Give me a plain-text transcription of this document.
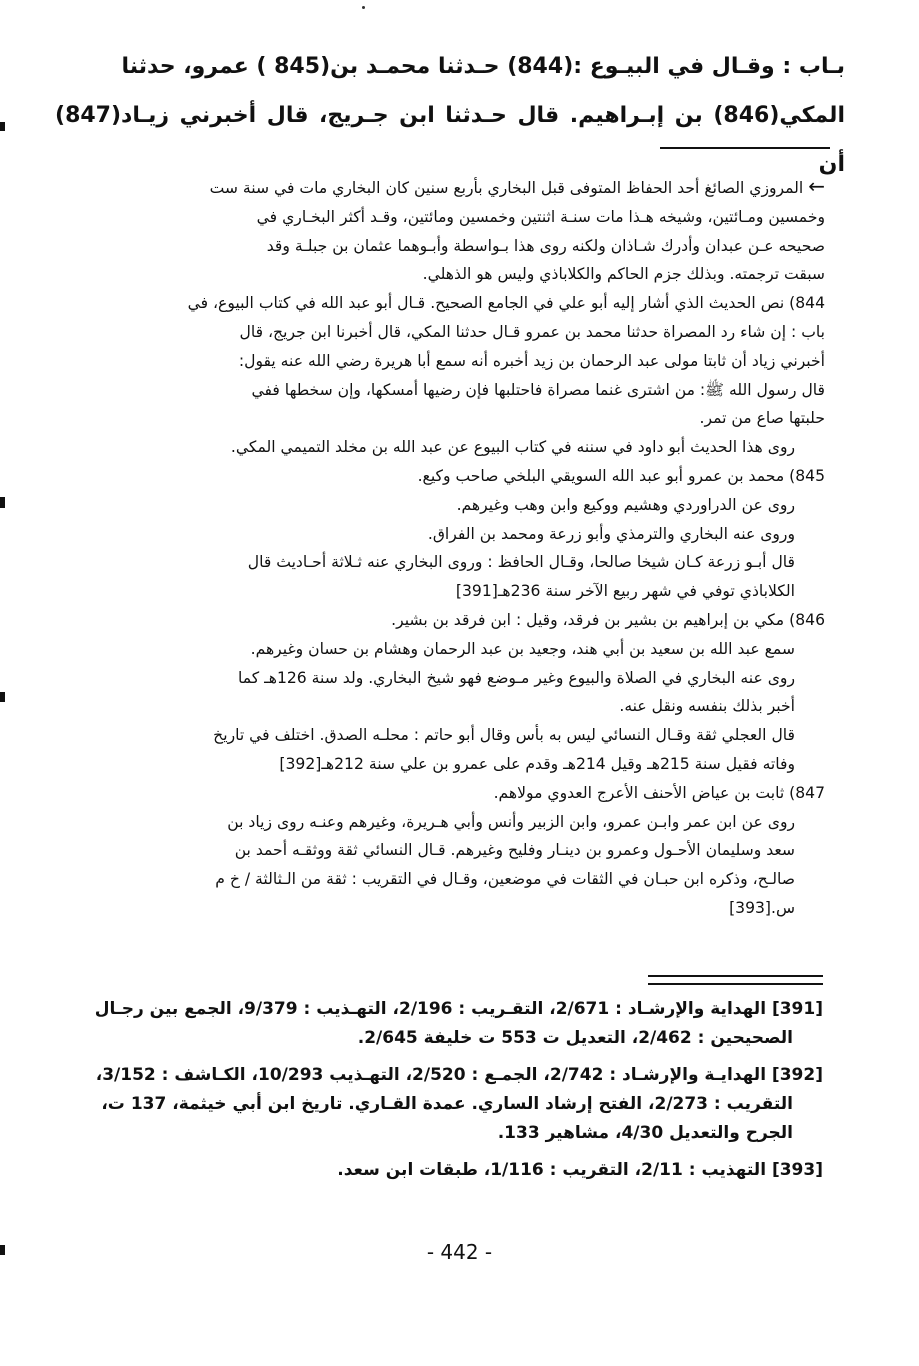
بـاب : وقـال في البيـوع :(844) حـدثنا محمـد بن(845 ) عمرو، حدثنا
المكي(846) بن إبـراهيم. قال حـدثنا ابن جـريج، قال أخبرني زيـاد(847) أن

← المروزي الصائغ أحد الحفاظ المتوفى قبل البخاري بأربع سنين كان البخاري مات في سنة ست

وخمسين ومـائتين، وشيخه هـذا مات سنـة اثنتين وخمسين ومائتين، وقـد أكثر البخـاري في

صحيحه عـن عبدان وأدرك شـاذان ولكنه روى هذا بـواسطة وأبـوهما عثمان بن جبلـة وقد

سبقت ترجمته. وبذلك جزم الحاكم والكلاباذي وليس هو الذهلي.

844) نص الحديث الذي أشار إليه أبو علي في الجامع الصحيح. قـال أبو عبد الله في كتاب البيوع، في

باب : إن شاء رد المصراة حدثنا محمد بن عمرو قـال حدثنا المكي، قال أخبرنا ابن جريج، قال

أخبرني زياد أن ثابتا مولى عبد الرحمان بن زيد أخبره أنه سمع أبا هريرة رضي الله عنه يقول:

قال رسول الله ﷺ: من اشترى غنما مصراة فاحتلبها فإن رضيها أمسكها، وإن سخطها ففي

حلبتها صاع من تمر.

روى هذا الحديث أبو داود في سننه في كتاب البيوع عن عبد الله بن مخلد التميمي المكي.

845) محمد بن عمرو أبو عبد الله السويقي البلخي صاحب وكيع.

روى عن الدراوردي وهشيم ووكيع وابن وهب وغيرهم.

وروى عنه البخاري والترمذي وأبو زرعة ومحمد بن الفراق.

قال أبـو زرعة كـان شيخا صالحا، وقـال الحافظ : وروى البخاري عنه ثـلاثة أحـاديث قال

الكلاباذي توفي في شهر ربيع الآخر سنة 236هـ[391]

846) مكي بن إبراهيم بن بشير بن فرقد، وقيل : ابن فرقد بن بشير.

سمع عبد الله بن سعيد بن أبي هند، وجعيد بن عبد الرحمان وهشام بن حسان وغيرهم.

روى عنه البخاري في الصلاة والبيوع وغير مـوضع فهو شيخ البخاري. ولد سنة 126هـ كما

أخبر بذلك بنفسه ونقل عنه.

قال العجلي ثقة وقـال النسائي ليس به بأس وقال أبو حاتم : محلـه الصدق. اختلف في تاريخ

وفاته فقيل سنة 215هـ وقيل 214هـ وقدم على عمرو بن علي سنة 212هـ[392]

847) ثابت بن عياض الأحنف الأعرج العدوي مولاهم.

روى عن ابن عمر وابـن عمرو، وابن الزبير وأنس وأبي هـريرة، وغيرهم وعنـه روى زياد بن

سعد وسليمان الأحـول وعمرو بن دينـار وفليح وغيرهم. قـال النسائي ثقة ووثقـه أحمد بن

صالـح، وذكره ابن حبـان في الثقات في موضعين، وقـال في التقريب : ثقة من الـثالثة / خ م

س.[393]

[391] الهداية والإرشـاد : 2/671، التقـريب : 2/196، التهـذيب : 9/379، الجمع بين رجـال
الصحيحين : 2/462، التعديل ت 553 ت خليفة 2/645.
[392] الهدايـة والإرشـاد : 2/742، الجمـع : 2/520، التهـذيب 10/293، الكـاشف : 3/152،
التقريب : 2/273، الفتح إرشاد الساري. عمدة القـاري. تاريخ ابن أبي خيثمة، 137 ت،
الجرح والتعديل 4/30، مشاهير 133.
[393] التهذيب : 2/11، التقريب : 1/116، طبقات ابن سعد.
- 442 -
